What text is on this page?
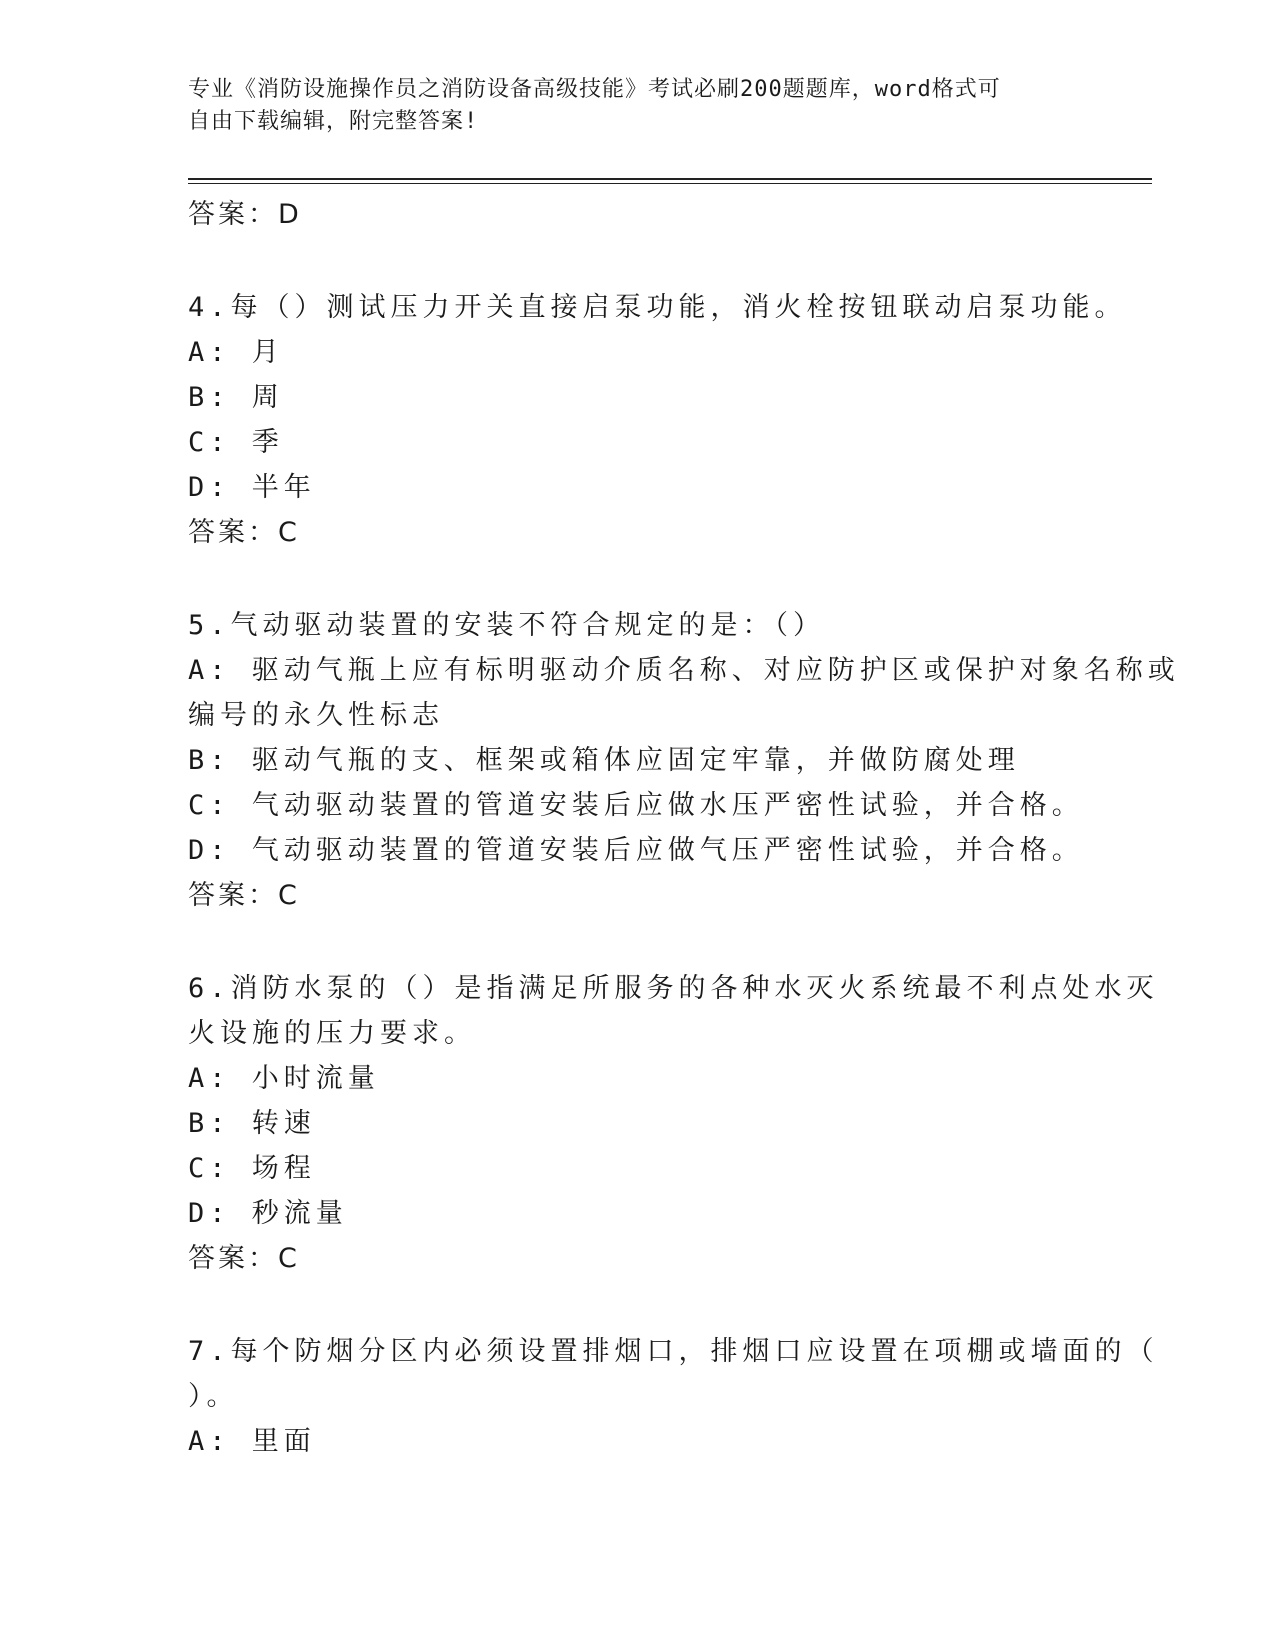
专业《消防设施操作员之消防设备高级技能》考试必刷200题题库，word格式可
自由下载编辑，附完整答案!
答案：D
4.每（）测试压力开关直接启泵功能，消火栓按钮联动启泵功能。
A: 月
B: 周
C: 季
D: 半年
答案：C
5.气动驱动装置的安装不符合规定的是：（）
A: 驱动气瓶上应有标明驱动介质名称、对应防护区或保护对象名称或
编号的永久性标志
B: 驱动气瓶的支、框架或箱体应固定牢靠，并做防腐处理
C: 气动驱动装置的管道安装后应做水压严密性试验，并合格。
D: 气动驱动装置的管道安装后应做气压严密性试验，并合格。
答案：C
6.消防水泵的（）是指满足所服务的各种水灭火系统最不利点处水灭
火设施的压力要求。
A: 小时流量
B: 转速
C: 场程
D: 秒流量
答案：C
7.每个防烟分区内必须设置排烟口，排烟口应设置在项棚或墙面的（
）。
A: 里面
